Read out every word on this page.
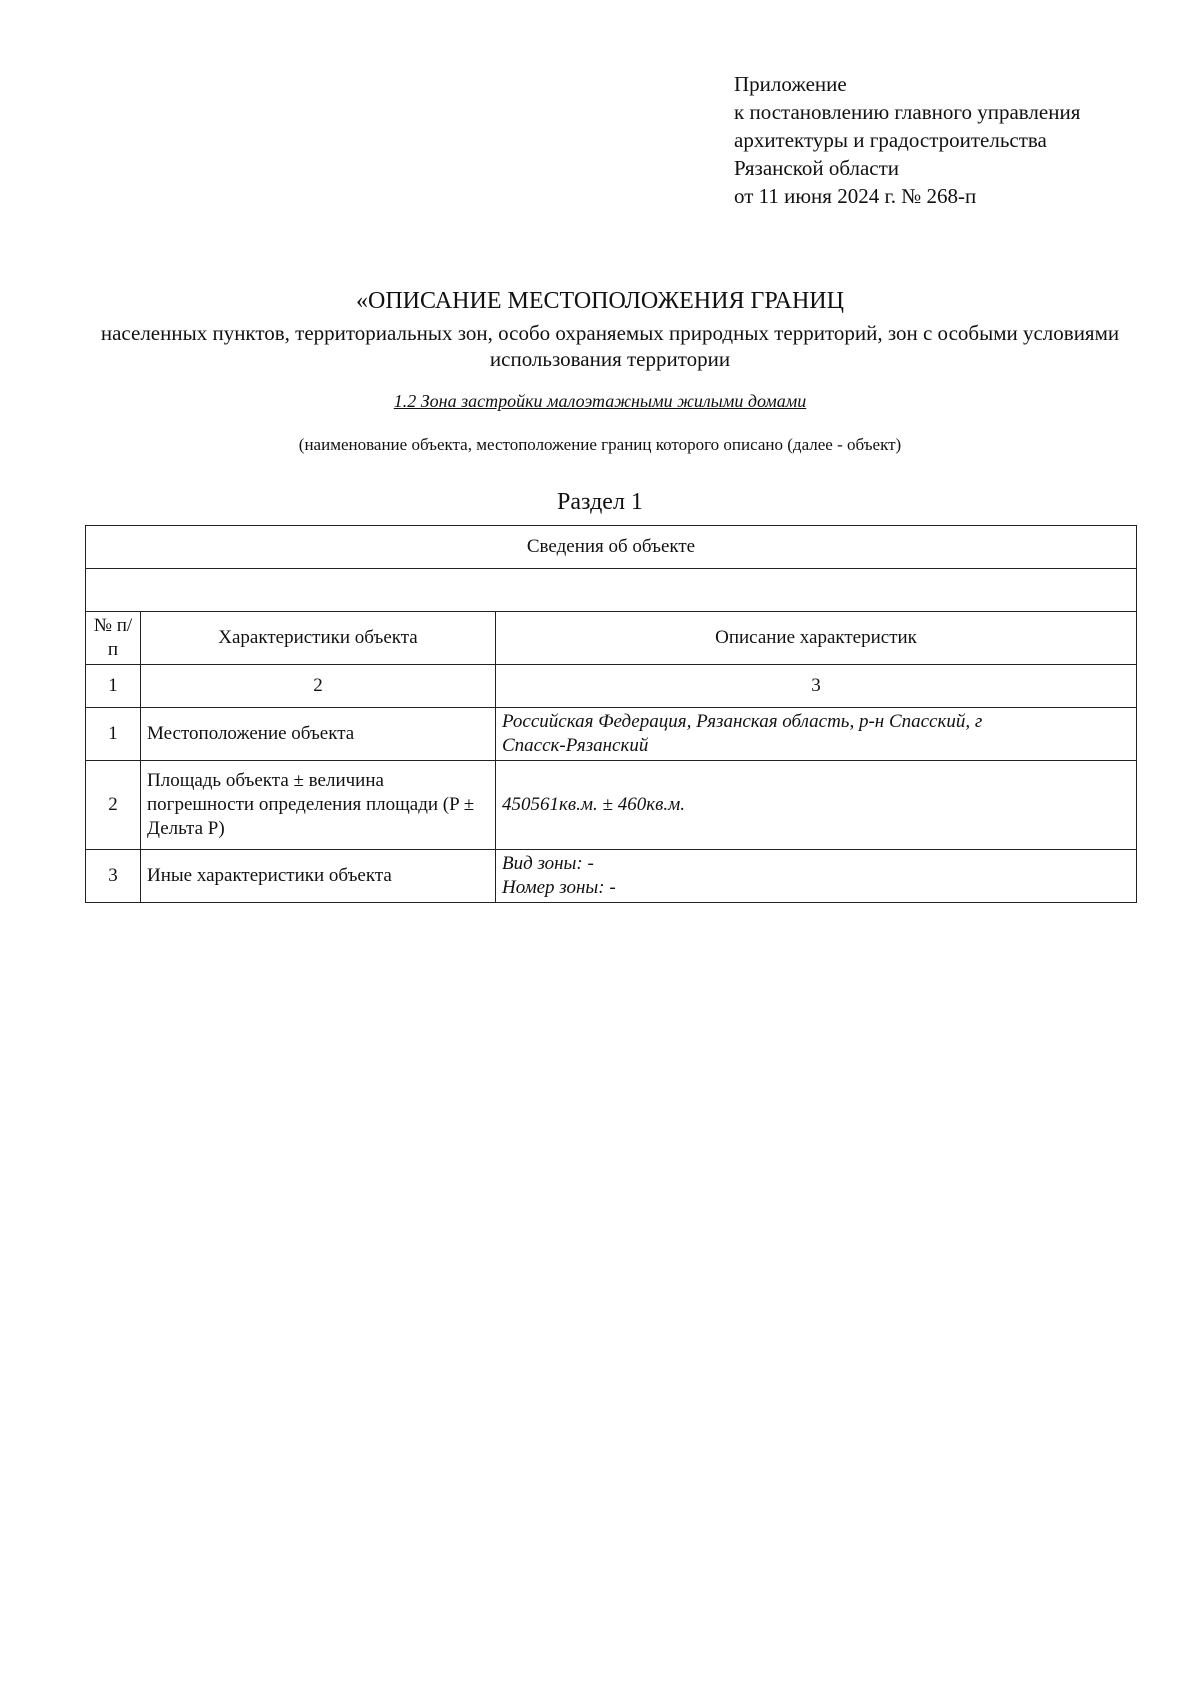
Приложение
к постановлению главного управления
архитектуры и градостроительства
Рязанской области
от 11 июня 2024 г. № 268-п
«ОПИСАНИЕ МЕСТОПОЛОЖЕНИЯ ГРАНИЦ
населенных пунктов, территориальных зон, особо охраняемых природных территорий, зон с особыми условиями использования территории
1.2 Зона застройки малоэтажными жилыми домами
(наименование объекта, местоположение границ которого описано (далее - объект)
Раздел 1
Сведения об объекте		

№ п/п	Характеристики объекта	Описание характеристик
1	2	3
1	Местоположение объекта	Российская Федерация, Рязанская область, р-н Спасский, г
Спасск-Рязанский

2	Площадь объекта ± величина погрешности определения площади (P ± Дельта P)	450561кв.м. ± 460кв.м.

3	Иные характеристики объекта	Вид зоны: -
Номер зоны: -
